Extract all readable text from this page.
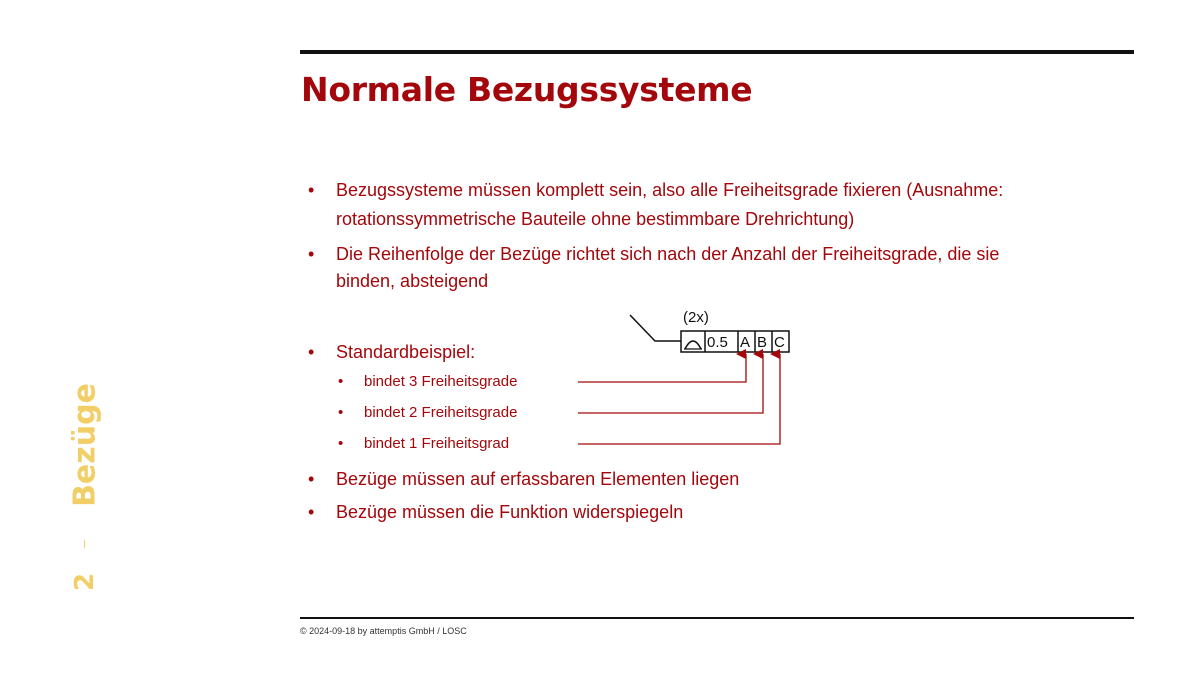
Normale Bezugssysteme
Bezüge
2
• Bezugssysteme müssen komplett sein, also alle Freiheitsgrade fixieren (Ausnahme:
rotationssymmetrische Bauteile ohne bestimmbare Drehrichtung)
• Die Reihenfolge der Bezüge richtet sich nach der Anzahl der Freiheitsgrade, die sie
binden, absteigend
• Standardbeispiel:
• bindet 3 Freiheitsgrade
• bindet 2 Freiheitsgrade
• bindet 1 Freiheitsgrad
• Bezüge müssen auf erfassbaren Elementen liegen
• Bezüge müssen die Funktion widerspiegeln
(2x)
0.5 A B C
© 2024-09-18 by attemptis GmbH / LOSC
